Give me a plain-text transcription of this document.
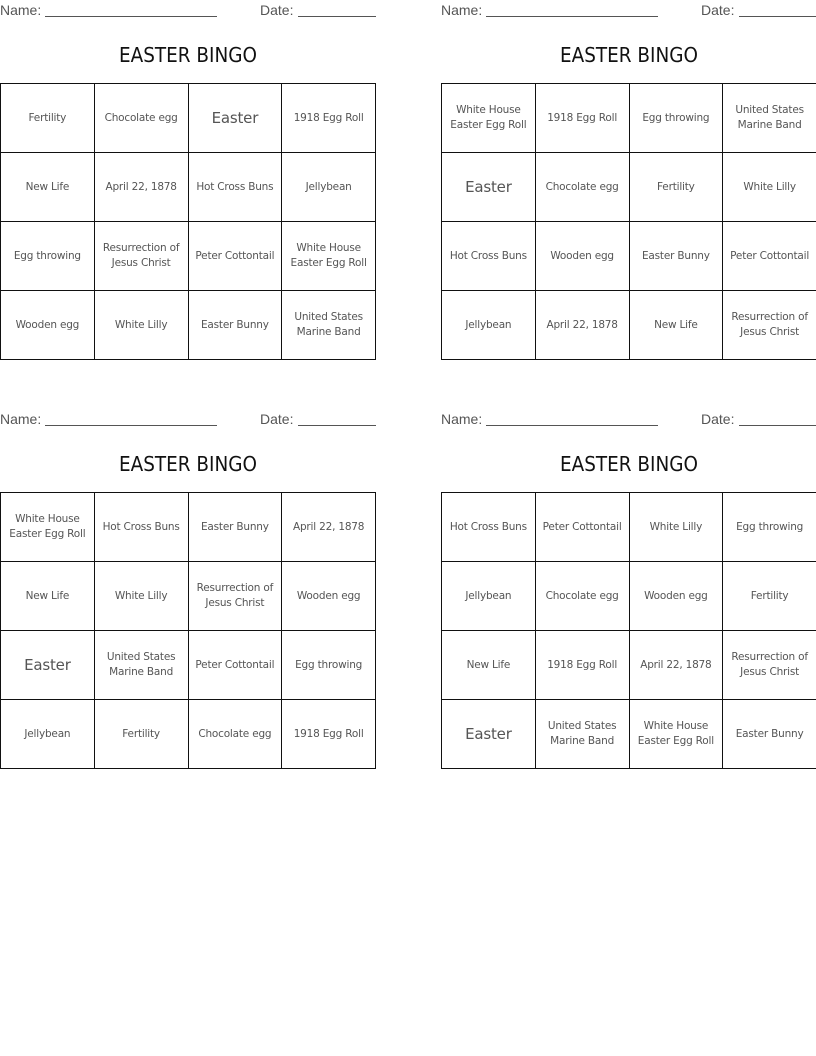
Name:	Date:
EASTER BINGO
Fertility	Chocolate egg	Easter	1918 Egg Roll
New Life	April 22, 1878	Hot Cross Buns	Jellybean
Egg throwing	Resurrection of Jesus Christ	Peter Cottontail	White House Easter Egg Roll
Wooden egg	White Lilly	Easter Bunny	United States Marine Band
Name:	Date:
EASTER BINGO
White House Easter Egg Roll	1918 Egg Roll	Egg throwing	United States Marine Band
Easter	Chocolate egg	Fertility	White Lilly
Hot Cross Buns	Wooden egg	Easter Bunny	Peter Cottontail
Jellybean	April 22, 1878	New Life	Resurrection of Jesus Christ
Name:	Date:
EASTER BINGO
White House Easter Egg Roll	Hot Cross Buns	Easter Bunny	April 22, 1878
New Life	White Lilly	Resurrection of Jesus Christ	Wooden egg
Easter	United States Marine Band	Peter Cottontail	Egg throwing
Jellybean	Fertility	Chocolate egg	1918 Egg Roll
Name:	Date:
EASTER BINGO
Hot Cross Buns	Peter Cottontail	White Lilly	Egg throwing
Jellybean	Chocolate egg	Wooden egg	Fertility
New Life	1918 Egg Roll	April 22, 1878	Resurrection of Jesus Christ
Easter	United States Marine Band	White House Easter Egg Roll	Easter Bunny
